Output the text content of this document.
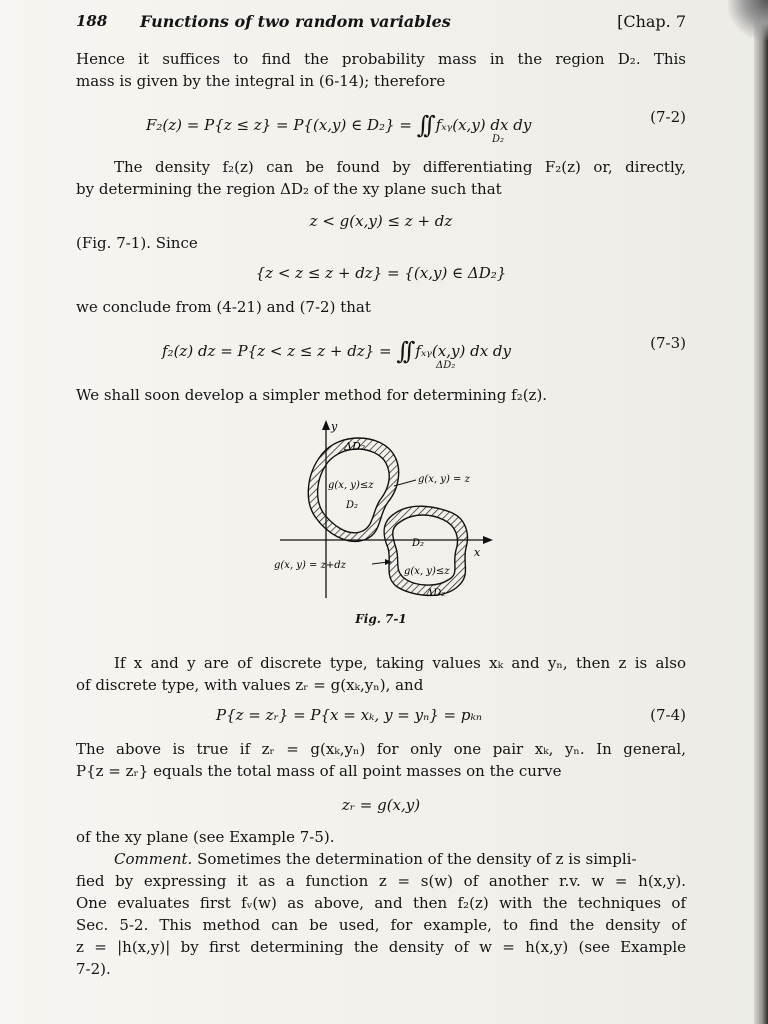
188 Functions of two random variables	[Chap. 7
Hence it suffices to find the probability mass in the region D₂. This
mass is given by the integral in (6-14); therefore
F₂(z) = P{z ≤ z} = P{(x,y) ∈ D₂} = ∫∫ fₓᵧ(x,y) dx dy
D₂
(7-2)
The density f₂(z) can be found by differentiating F₂(z) or, directly,
by determining the region ΔD₂ of the xy plane such that
z < g(x,y) ≤ z + dz
(Fig. 7-1). Since
{z < z ≤ z + dz} = {(x,y) ∈ ΔD₂}
we conclude from (4-21) and (7-2) that
f₂(z) dz = P{z < z ≤ z + dz} = ∫∫ fₓᵧ(x,y) dx dy
ΔD₂
(7-3)
We shall soon develop a simpler method for determining f₂(z).
y
x
ΔD₂
g(x, y)≤z
D₂
g(x, y) = z
D₂
g(x, y) = z+dz
g(x, y)≤z
ΔD₂
Fig. 7-1
If x and y are of discrete type, taking values xₖ and yₙ, then z is also
of discrete type, with values zᵣ = g(xₖ,yₙ), and
P{z = zᵣ} = P{x = xₖ, y = yₙ} = pₖₙ	(7-4)
The above is true if zᵣ = g(xₖ,yₙ) for only one pair xₖ, yₙ. In general,
P{z = zᵣ} equals the total mass of all point masses on the curve
zᵣ = g(x,y)
of the xy plane (see Example 7-5).
Comment. Sometimes the determination of the density of z is simpli-
fied by expressing it as a function z = s(w) of another r.v. w = h(x,y).
One evaluates first fᵥ(w) as above, and then f₂(z) with the techniques of
Sec. 5-2. This method can be used, for example, to find the density of
z = |h(x,y)| by first determining the density of w = h(x,y) (see Example
7-2).
